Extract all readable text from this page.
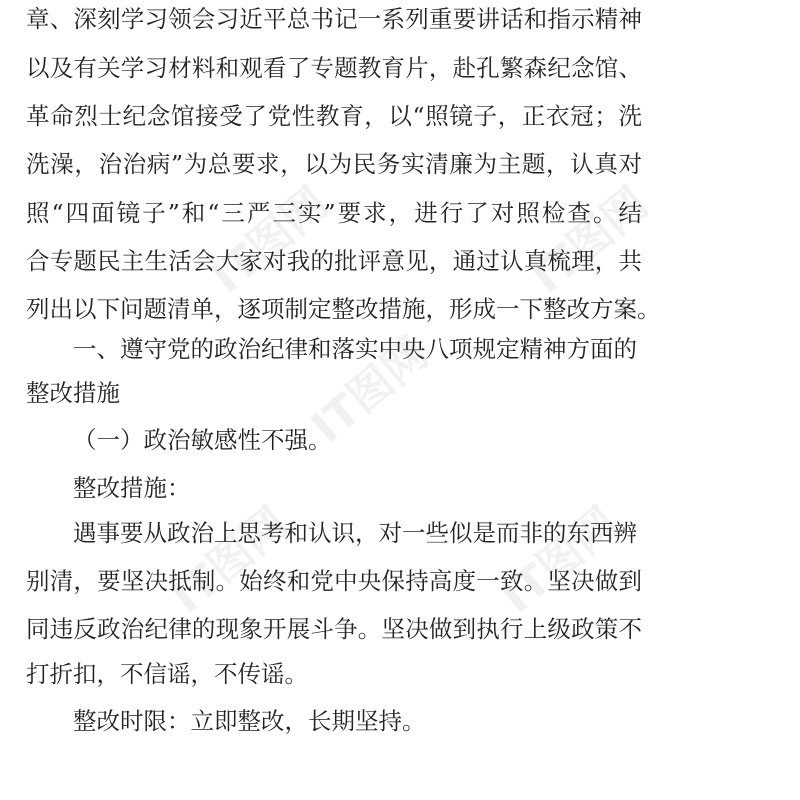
IT图网	IT图网
IT图网
IT图网	IT图网
章、深刻学习领会习近平总书记一系列重要讲话和指示精神
以及有关学习材料和观看了专题教育片，赴孔繁森纪念馆、
革命烈士纪念馆接受了党性教育，以“照镜子，正衣冠；洗
洗澡，治治病”为总要求，以为民务实清廉为主题，认真对
照“四面镜子”和“三严三实”要求，进行了对照检查。结
合专题民主生活会大家对我的批评意见，通过认真梳理，共
列出以下问题清单，逐项制定整改措施，形成一下整改方案。
一、遵守党的政治纪律和落实中央八项规定精神方面的
整改措施
（一）政治敏感性不强。
整改措施：
遇事要从政治上思考和认识，对一些似是而非的东西辨
别清，要坚决抵制。始终和党中央保持高度一致。坚决做到
同违反政治纪律的现象开展斗争。坚决做到执行上级政策不
打折扣，不信谣，不传谣。
整改时限：立即整改，长期坚持。
